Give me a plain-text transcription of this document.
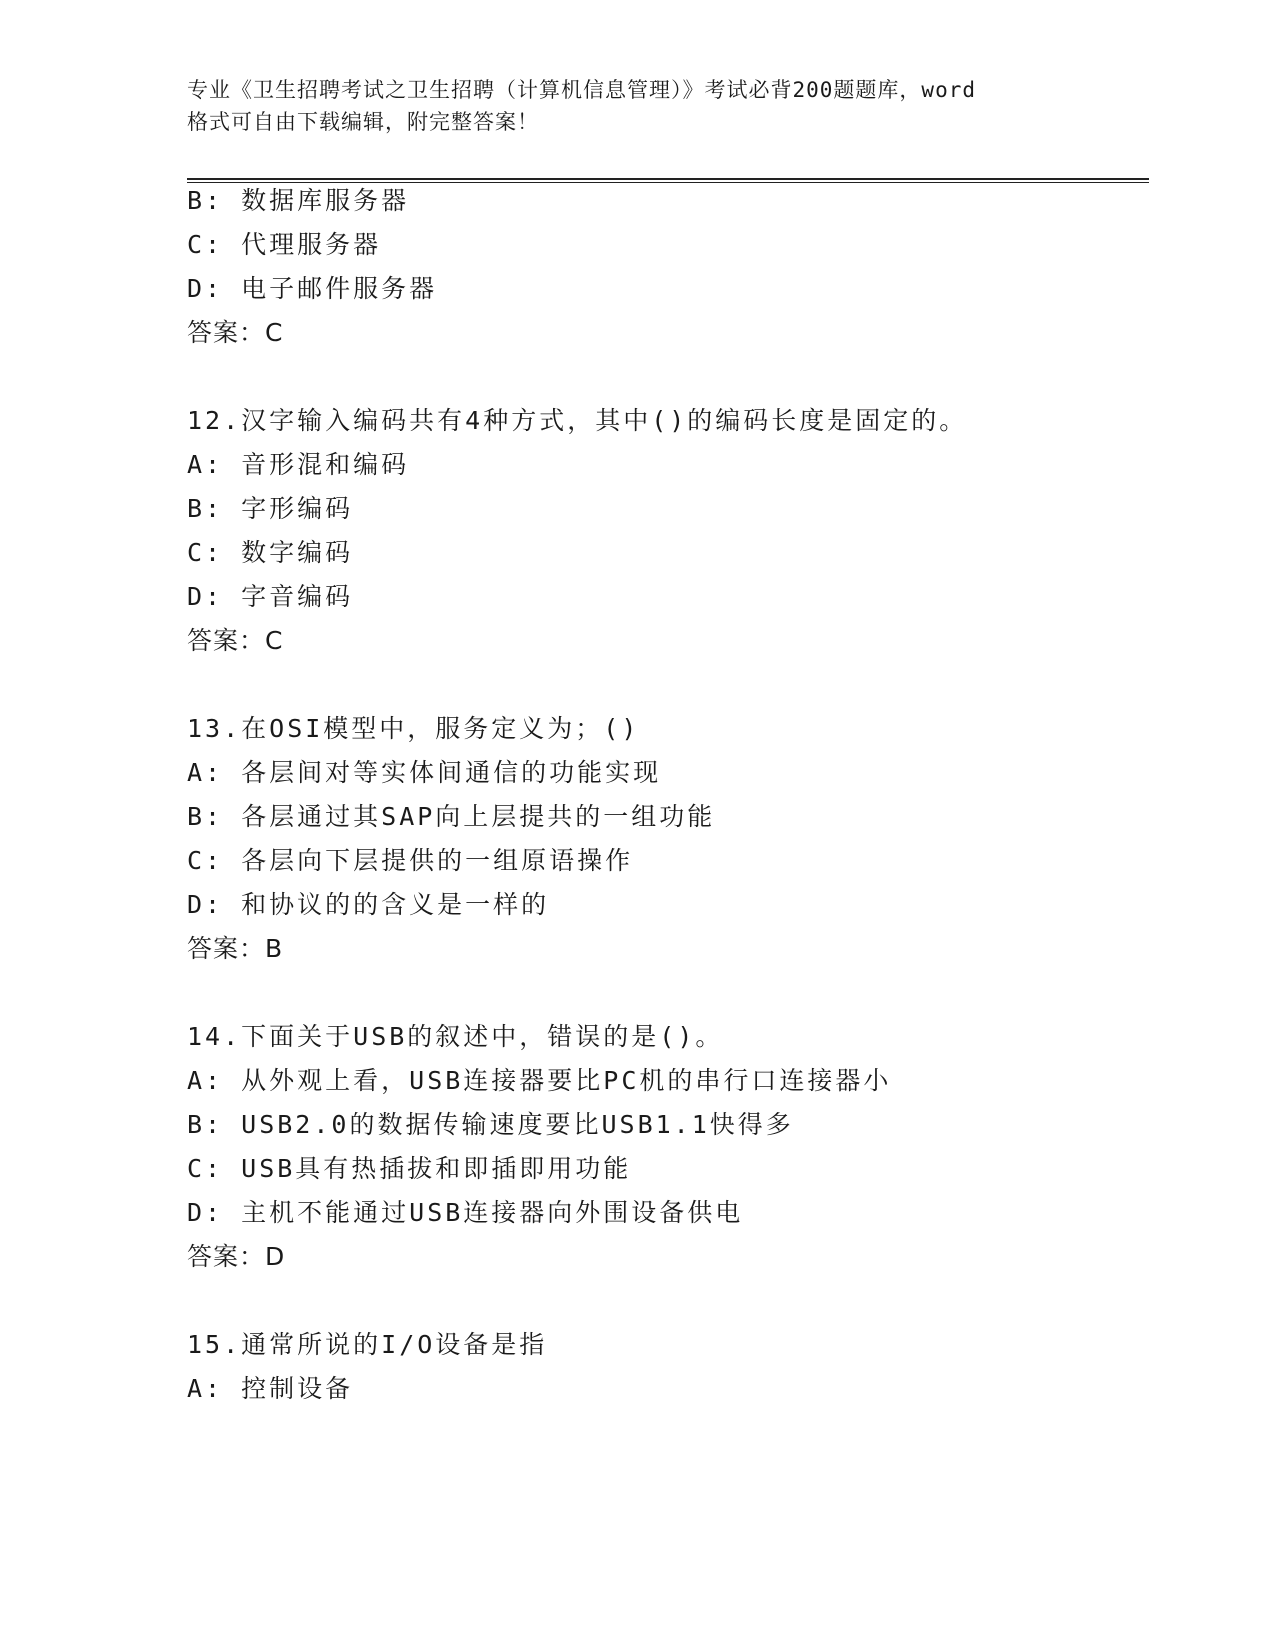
专业《卫生招聘考试之卫生招聘（计算机信息管理）》考试必背200题题库，word
格式可自由下载编辑，附完整答案！
B: 数据库服务器
C: 代理服务器
D: 电子邮件服务器
答案：C
12.汉字输入编码共有4种方式，其中()的编码长度是固定的。
A: 音形混和编码
B: 字形编码
C: 数字编码
D: 字音编码
答案：C
13.在OSI模型中，服务定义为；()
A: 各层间对等实体间通信的功能实现
B: 各层通过其SAP向上层提共的一组功能
C: 各层向下层提供的一组原语操作
D: 和协议的的含义是一样的
答案：B
14.下面关于USB的叙述中，错误的是()。
A: 从外观上看，USB连接器要比PC机的串行口连接器小
B: USB2.0的数据传输速度要比USB1.1快得多
C: USB具有热插拔和即插即用功能
D: 主机不能通过USB连接器向外围设备供电
答案：D
15.通常所说的I/O设备是指
A: 控制设备
